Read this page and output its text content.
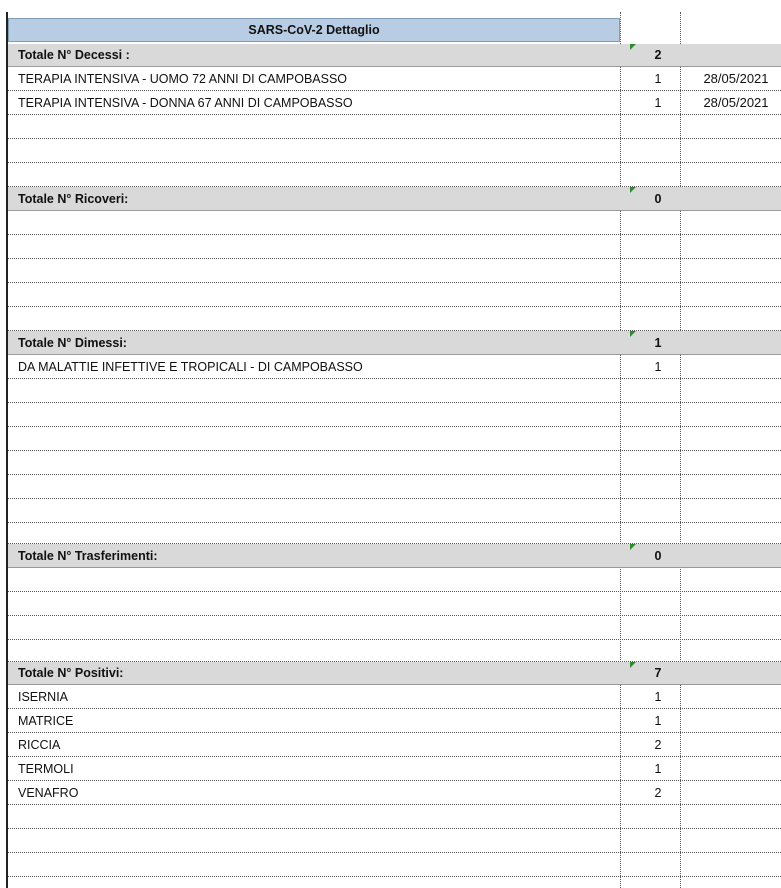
SARS-CoV-2 Dettaglio
Totale N° Decessi :	2
TERAPIA INTENSIVA - UOMO 72 ANNI DI CAMPOBASSO	1	28/05/2021
TERAPIA INTENSIVA - DONNA 67 ANNI DI CAMPOBASSO	1	28/05/2021
Totale N° Ricoveri:	0
Totale N° Dimessi:	1
DA MALATTIE INFETTIVE E TROPICALI - DI CAMPOBASSO	1
Totale N° Trasferimenti:	0
Totale N° Positivi:	7
ISERNIA	1
MATRICE	1
RICCIA	2
TERMOLI	1
VENAFRO	2
